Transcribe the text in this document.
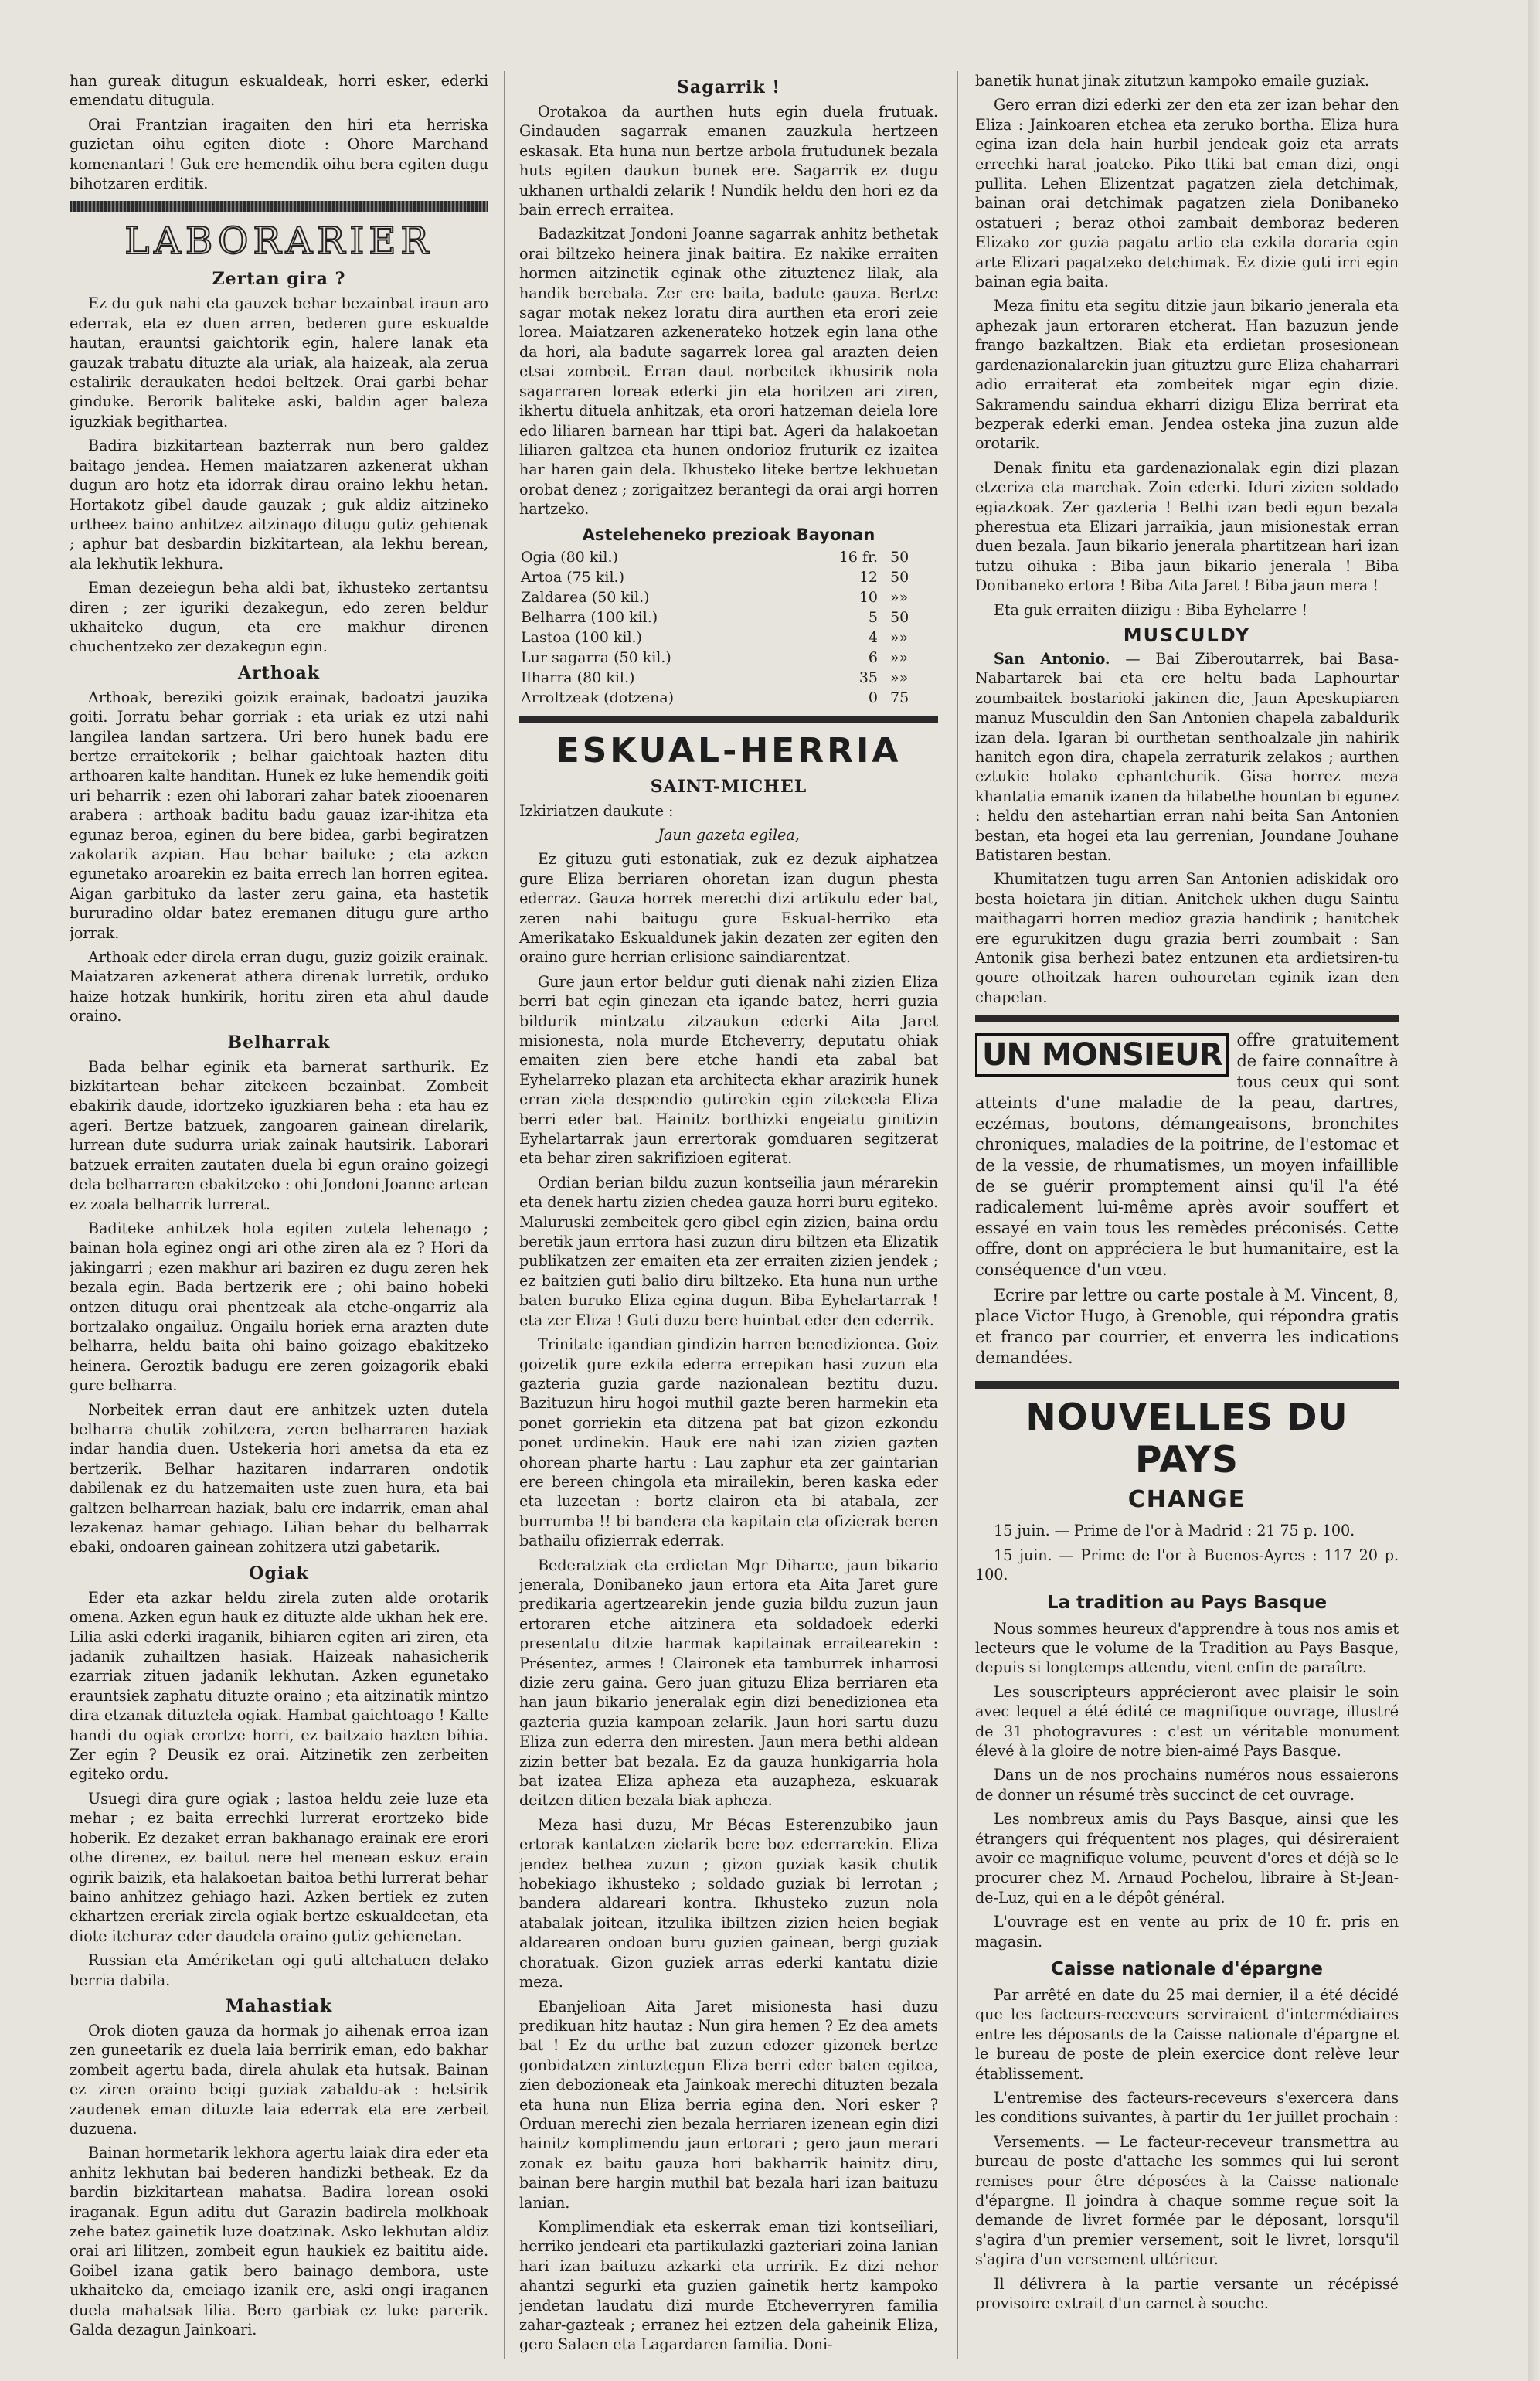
han gureak ditugun eskualdeak, horri esker, ederki emendatu ditugula.

Orai Frantzian iragaiten den hiri eta herriska guzietan oihu egiten diote : Ohore Marchand komenantari ! Guk ere hemendik oihu bera egiten dugu bihotzaren erditik.

LABORARIER
Zertan gira ?

Ez du guk nahi eta gauzek behar bezainbat iraun aro ederrak, eta ez duen arren, bederen gure eskualde hautan, erauntsi gaichtorik egin, halere lanak eta gauzak trabatu dituzte ala uriak, ala haizeak, ala zerua estalirik deraukaten hedoi beltzek. Orai garbi behar ginduke. Berorik baliteke aski, baldin ager baleza iguzkiak begithartea.

Badira bizkitartean bazterrak nun bero galdez baitago jendea. Hemen maiatzaren azkenerat ukhan dugun aro hotz eta idorrak dirau oraino lekhu hetan. Hortakotz gibel daude gauzak ; guk aldiz aitzineko urtheez baino anhitzez aitzinago ditugu gutiz gehienak ; aphur bat desbardin bizkitartean, ala lekhu berean, ala lekhutik lekhura.

Eman dezeiegun beha aldi bat, ikhusteko zertantsu diren ; zer iguriki dezakegun, edo zeren beldur ukhaiteko dugun, eta ere makhur direnen chuchentzeko zer dezakegun egin.

Arthoak

Arthoak, bereziki goizik erainak, badoatzi jauzika goiti. Jorratu behar gorriak : eta uriak ez utzi nahi langilea landan sartzera. Uri bero hunek badu ere bertze erraitekorik ; belhar gaichtoak hazten ditu arthoaren kalte handitan. Hunek ez luke hemendik goiti uri beharrik : ezen ohi laborari zahar batek ziooenaren arabera : arthoak baditu badu gauaz izar-ihitza eta egunaz beroa, eginen du bere bidea, garbi begiratzen zakolarik azpian. Hau behar bailuke ; eta azken egunetako aroarekin ez baita errech lan horren egitea. Aigan garbituko da laster zeru gaina, eta hastetik bururadino oldar batez eremanen ditugu gure artho jorrak.

Arthoak eder direla erran dugu, guziz goizik erainak. Maiatzaren azkenerat athera direnak lurretik, orduko haize hotzak hunkirik, horitu ziren eta ahul daude oraino.

Belharrak

Bada belhar eginik eta barnerat sarthurik. Ez bizkitartean behar zitekeen bezainbat. Zombeit ebakirik daude, idortzeko iguzkiaren beha : eta hau ez ageri. Bertze batzuek, zangoaren gainean direlarik, lurrean dute sudurra uriak zainak hautsirik. Laborari batzuek erraiten zautaten duela bi egun oraino goizegi dela belharraren ebakitzeko : ohi Jondoni Joanne artean ez zoala belharrik lurrerat.

Baditeke anhitzek hola egiten zutela lehenago ; bainan hola eginez ongi ari othe ziren ala ez ? Hori da jakingarri ; ezen makhur ari baziren ez dugu zeren hek bezala egin. Bada bertzerik ere ; ohi baino hobeki ontzen ditugu orai phentzeak ala etche-ongarriz ala bortzalako ongailuz. Ongailu horiek erna arazten dute belharra, heldu baita ohi baino goizago ebakitzeko heinera. Geroztik badugu ere zeren goizagorik ebaki gure belharra.

Norbeitek erran daut ere anhitzek uzten dutela belharra chutik zohitzera, zeren belharraren haziak indar handia duen. Ustekeria hori ametsa da eta ez bertzerik. Belhar hazitaren indarraren ondotik dabilenak ez du hatzemaiten uste zuen hura, eta bai galtzen belharrean haziak, balu ere indarrik, eman ahal lezakenaz hamar gehiago. Lilian behar du belharrak ebaki, ondoaren gainean zohitzera utzi gabetarik.

Ogiak

Eder eta azkar heldu zirela zuten alde orotarik omena. Azken egun hauk ez dituzte alde ukhan hek ere. Lilia aski ederki iraganik, bihiaren egiten ari ziren, eta jadanik zuhailtzen hasiak. Haizeak nahasicherik ezarriak zituen jadanik lekhutan. Azken egunetako erauntsiek zaphatu dituzte oraino ; eta aitzinatik mintzo dira etzanak dituztela ogiak. Hambat gaichtoago ! Kalte handi du ogiak erortze horri, ez baitzaio hazten bihia. Zer egin ? Deusik ez orai. Aitzinetik zen zerbeiten egiteko ordu.

Usuegi dira gure ogiak ; lastoa heldu zeie luze eta mehar ; ez baita errechki lurrerat erortzeko bide hoberik. Ez dezaket erran bakhanago erainak ere erori othe direnez, ez baitut nere hel menean eskuz erain ogirik baizik, eta halakoetan baitoa bethi lurrerat behar baino anhitzez gehiago hazi. Azken bertiek ez zuten ekhartzen ereriak zirela ogiak bertze eskualdeetan, eta diote itchuraz eder daudela oraino gutiz gehienetan.

Russian eta Amériketan ogi guti altchatuen delako berria dabila.

Mahastiak

Orok dioten gauza da hormak jo aihenak erroa izan zen guneetarik ez duela laia berririk eman, edo bakhar zombeit agertu bada, direla ahulak eta hutsak. Bainan ez ziren oraino beigi guziak zabaldu-ak : hetsirik zaudenek eman dituzte laia ederrak eta ere zerbeit duzuena.

Bainan hormetarik lekhora agertu laiak dira eder eta anhitz lekhutan bai bederen handizki betheak. Ez da bardin bizkitartean mahatsa. Badira lorean osoki iraganak. Egun aditu dut Garazin badirela molkhoak zehe batez gainetik luze doatzinak. Asko lekhutan aldiz orai ari lilitzen, zombeit egun haukiek ez baititu aide. Goibel izana gatik bero bainago dembora, uste ukhaiteko da, emeiago izanik ere, aski ongi iraganen duela mahatsak lilia. Bero garbiak ez luke parerik. Galda dezagun Jainkoari.

Sagarrik !

Orotakoa da aurthen huts egin duela frutuak. Gindauden sagarrak emanen zauzkula hertzeen eskasak. Eta huna nun bertze arbola frutudunek bezala huts egiten daukun bunek ere. Sagarrik ez dugu ukhanen urthaldi zelarik ! Nundik heldu den hori ez da bain errech erraitea.

Badazkitzat Jondoni Joanne sagarrak anhitz bethetak orai biltzeko heinera jinak baitira. Ez nakike erraiten hormen aitzinetik eginak othe zituztenez lilak, ala handik berebala. Zer ere baita, badute gauza. Bertze sagar motak nekez loratu dira aurthen eta erori zeie lorea. Maiatzaren azkenerateko hotzek egin lana othe da hori, ala badute sagarrek lorea gal arazten deien etsai zombeit. Erran daut norbeitek ikhusirik nola sagarraren loreak ederki jin eta horitzen ari ziren, ikhertu dituela anhitzak, eta orori hatzeman deiela lore edo liliaren barnean har ttipi bat. Ageri da halakoetan liliaren galtzea eta hunen ondorioz fruturik ez izaitea har haren gain dela. Ikhusteko liteke bertze lekhuetan orobat denez ; zorigaitzez berantegi da orai argi horren hartzeko.

Asteleheneko prezioak Bayonan
Ogia (80 kil.)	16 fr.	50
Artoa (75 kil.)	12	50
Zaldarea (50 kil.)	10	»»
Belharra (100 kil.)	5	50
Lastoa (100 kil.)	4	»»
Lur sagarra (50 kil.)	6	»»
Ilharra (80 kil.)	35	»»
Arroltzeak (dotzena)	0	75
ESKUAL-HERRIA
SAINT-MICHEL

Izkiriatzen daukute :

Jaun gazeta egilea,

Ez gituzu guti estonatiak, zuk ez dezuk aiphatzea gure Eliza berriaren ohoretan izan dugun phesta ederraz. Gauza horrek merechi dizi artikulu eder bat, zeren nahi baitugu gure Eskual-herriko eta Amerikatako Eskualdunek jakin dezaten zer egiten den oraino gure herrian erlisione saindiarentzat.

Gure jaun ertor beldur guti dienak nahi zizien Eliza berri bat egin ginezan eta igande batez, herri guzia bildurik mintzatu zitzaukun ederki Aita Jaret misionesta, nola murde Etcheverry, deputatu ohiak emaiten zien bere etche handi eta zabal bat Eyhelarreko plazan eta architecta ekhar arazirik hunek erran ziela despendio gutirekin egin zitekeela Eliza berri eder bat. Hainitz borthizki engeiatu ginitizin Eyhelartarrak jaun errertorak gomduaren segitzerat eta behar ziren sakrifizioen egiterat.

Ordian berian bildu zuzun kontseilia jaun mérarekin eta denek hartu zizien chedea gauza horri buru egiteko. Maluruski zembeitek gero gibel egin zizien, baina ordu beretik jaun errtora hasi zuzun diru biltzen eta Elizatik publikatzen zer emaiten eta zer erraiten zizien jendek ; ez baitzien guti balio diru biltzeko. Eta huna nun urthe baten buruko Eliza egina dugun. Biba Eyhelartarrak ! eta zer Eliza ! Guti duzu bere huinbat eder den ederrik.

Trinitate igandian gindizin harren benedizionea. Goiz goizetik gure ezkila ederra errepikan hasi zuzun eta gazteria guzia garde nazionalean beztitu duzu. Bazituzun hiru hogoi muthil gazte beren harmekin eta ponet gorriekin eta ditzena pat bat gizon ezkondu ponet urdinekin. Hauk ere nahi izan zizien gazten ohorean pharte hartu : Lau zaphur eta zer gaintarian ere bereen chingola eta mirailekin, beren kaska eder eta luzeetan : bortz clairon eta bi atabala, zer burrumba !! bi bandera eta kapitain eta ofizierak beren bathailu ofizierrak ederrak.

Bederatziak eta erdietan Mgr Diharce, jaun bikario jenerala, Donibaneko jaun ertora eta Aita Jaret gure predikaria agertzearekin jende guzia bildu zuzun jaun ertoraren etche aitzinera eta soldadoek ederki presentatu ditzie harmak kapitainak erraitearekin : Présentez, armes ! Claironek eta tamburrek inharrosi dizie zeru gaina. Gero juan gituzu Eliza berriaren eta han jaun bikario jeneralak egin dizi benedizionea eta gazteria guzia kampoan zelarik. Jaun hori sartu duzu Eliza zun ederra den miresten. Jaun mera bethi aldean zizin better bat bezala. Ez da gauza hunkigarria hola bat izatea Eliza apheza eta auzapheza, eskuarak deitzen ditien bezala biak apheza.

Meza hasi duzu, Mr Bécas Esterenzubiko jaun ertorak kantatzen zielarik bere boz ederrarekin. Eliza jendez bethea zuzun ; gizon guziak kasik chutik hobekiago ikhusteko ; soldado guziak bi lerrotan ; bandera aldareari kontra. Ikhusteko zuzun nola atabalak joitean, itzulika ibiltzen zizien heien begiak aldarearen ondoan buru guzien gainean, bergi guziak choratuak. Gizon guziek arras ederki kantatu dizie meza.

Ebanjelioan Aita Jaret misionesta hasi duzu predikuan hitz hautaz : Nun gira hemen ? Ez dea amets bat ! Ez du urthe bat zuzun edozer gizonek bertze gonbidatzen zintuztegun Eliza berri eder baten egitea, zien debozioneak eta Jainkoak merechi dituzten bezala eta huna nun Eliza berria egina den. Nori esker ? Orduan merechi zien bezala herriaren izenean egin dizi hainitz komplimendu jaun ertorari ; gero jaun merari zonak ez baitu gauza hori bakharrik hainitz diru, bainan bere hargin muthil bat bezala hari izan baituzu lanian.

Komplimendiak eta eskerrak eman tizi kontseiliari, herriko jendeari eta partikulazki gazteriari zoina lanian hari izan baituzu azkarki eta urririk. Ez dizi nehor ahantzi segurki eta guzien gainetik hertz kampoko jendetan laudatu dizi murde Etcheverryren familia zahar-gazteak ; erranez hei eztzen dela gaheinik Eliza, gero Salaen eta Lagardaren familia. Doni-

banetik hunat jinak zitutzun kampoko emaile guziak.

Gero erran dizi ederki zer den eta zer izan behar den Eliza : Jainkoaren etchea eta zeruko bortha. Eliza hura egina izan dela hain hurbil jendeak goiz eta arrats errechki harat joateko. Piko ttiki bat eman dizi, ongi pullita. Lehen Elizentzat pagatzen ziela detchimak, bainan orai detchimak pagatzen ziela Donibaneko ostatueri ; beraz othoi zambait demboraz bederen Elizako zor guzia pagatu artio eta ezkila doraria egin arte Elizari pagatzeko detchimak. Ez dizie guti irri egin bainan egia baita.

Meza finitu eta segitu ditzie jaun bikario jenerala eta aphezak jaun ertoraren etcherat. Han bazuzun jende frango bazkaltzen. Biak eta erdietan prosesionean gardenazionalarekin juan gituztzu gure Eliza chaharrari adio erraiterat eta zombeitek nigar egin dizie. Sakramendu saindua ekharri dizigu Eliza berrirat eta bezperak ederki eman. Jendea osteka jina zuzun alde orotarik.

Denak finitu eta gardenazionalak egin dizi plazan etzeriza eta marchak. Zoin ederki. Iduri zizien soldado egiazkoak. Zer gazteria ! Bethi izan bedi egun bezala pherestua eta Elizari jarraikia, jaun misionestak erran duen bezala. Jaun bikario jenerala phartitzean hari izan tutzu oihuka : Biba jaun bikario jenerala ! Biba Donibaneko ertora ! Biba Aita Jaret ! Biba jaun mera !

Eta guk erraiten diizigu : Biba Eyhelarre !

MUSCULDY

San Antonio. — Bai Ziberoutarrek, bai Basa-Nabartarek bai eta ere heltu bada Laphourtar zoumbaitek bostarioki jakinen die, Jaun Apeskupiaren manuz Musculdin den San Antonien chapela zabaldurik izan dela. Igaran bi ourthetan senthoalzale jin nahirik hanitch egon dira, chapela zerraturik zelakos ; aurthen eztukie holako ephantchurik. Gisa horrez meza khantatia emanik izanen da hilabethe hountan bi egunez : heldu den astehartian erran nahi beita San Antonien bestan, eta hogei eta lau gerrenian, Joundane Jouhane Batistaren bestan.

Khumitatzen tugu arren San Antonien adiskidak oro besta hoietara jin ditian. Anitchek ukhen dugu Saintu maithagarri horren medioz grazia handirik ; hanitchek ere egurukitzen dugu grazia berri zoumbait : San Antonik gisa berhezi batez entzunen eta ardietsiren-tu goure othoitzak haren ouhouretan eginik izan den chapelan.

UN MONSIEUR offre gratuitement de faire connaître à tous ceux qui sont atteints d'une maladie de la peau, dartres, eczémas, boutons, démangeaisons, bronchites chroniques, maladies de la poitrine, de l'estomac et de la vessie, de rhumatismes, un moyen infaillible de se guérir promptement ainsi qu'il l'a été radicalement lui-même après avoir souffert et essayé en vain tous les remèdes préconisés. Cette offre, dont on appréciera le but humanitaire, est la conséquence d'un vœu.

Ecrire par lettre ou carte postale à M. Vincent, 8, place Victor Hugo, à Grenoble, qui répondra gratis et franco par courrier, et enverra les indications demandées.

NOUVELLES DU PAYS
CHANGE

15 juin. — Prime de l'or à Madrid : 21 75 p. 100.

15 juin. — Prime de l'or à Buenos-Ayres : 117 20 p. 100.

La tradition au Pays Basque

Nous sommes heureux d'apprendre à tous nos amis et lecteurs que le volume de la Tradition au Pays Basque, depuis si longtemps attendu, vient enfin de paraître.

Les souscripteurs apprécieront avec plaisir le soin avec lequel a été édité ce magnifique ouvrage, illustré de 31 photogravures : c'est un véritable monument élevé à la gloire de notre bien-aimé Pays Basque.

Dans un de nos prochains numéros nous essaierons de donner un résumé très succinct de cet ouvrage.

Les nombreux amis du Pays Basque, ainsi que les étrangers qui fréquentent nos plages, qui désireraient avoir ce magnifique volume, peuvent d'ores et déjà se le procurer chez M. Arnaud Pochelou, libraire à St-Jean-de-Luz, qui en a le dépôt général.

L'ouvrage est en vente au prix de 10 fr. pris en magasin.

Caisse nationale d'épargne

Par arrêté en date du 25 mai dernier, il a été décidé que les facteurs-receveurs serviraient d'intermédiaires entre les déposants de la Caisse nationale d'épargne et le bureau de poste de plein exercice dont relève leur établissement.

L'entremise des facteurs-receveurs s'exercera dans les conditions suivantes, à partir du 1er juillet prochain :

Versements. — Le facteur-receveur transmettra au bureau de poste d'attache les sommes qui lui seront remises pour être déposées à la Caisse nationale d'épargne. Il joindra à chaque somme reçue soit la demande de livret formée par le déposant, lorsqu'il s'agira d'un premier versement, soit le livret, lorsqu'il s'agira d'un versement ultérieur.

Il délivrera à la partie versante un récépissé provisoire extrait d'un carnet à souche.
